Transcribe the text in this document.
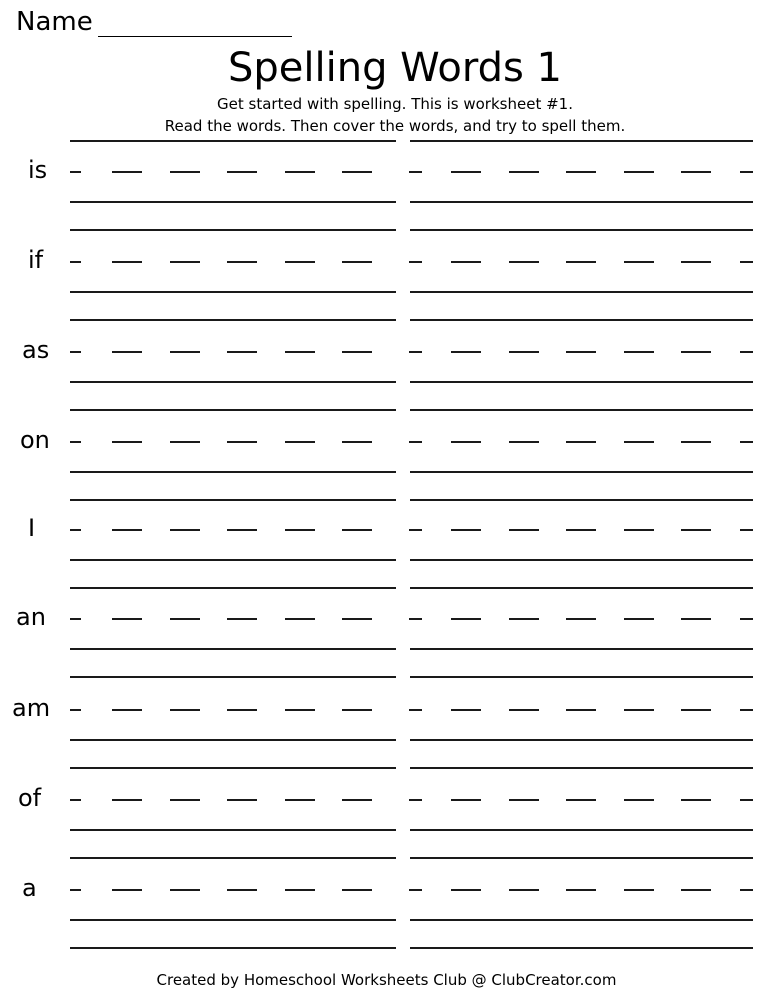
Name
Spelling Words 1
Get started with spelling. This is worksheet #1.
Read the words. Then cover the words, and try to spell them.
is
if
as
on
I
an
am
of
a
Created by Homeschool Worksheets Club @ ClubCreator.com
